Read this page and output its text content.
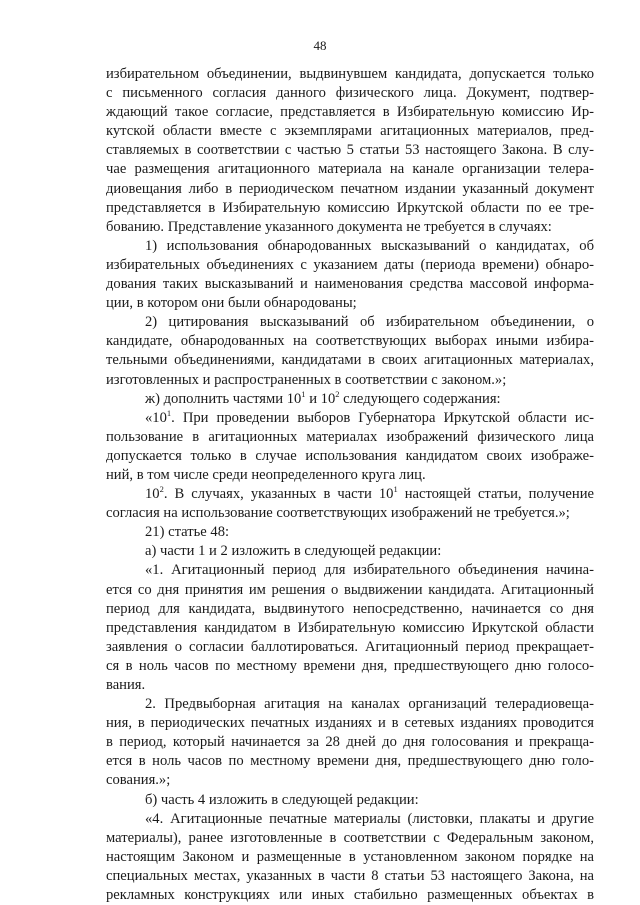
48
избирательном объединении, выдвинувшем кандидата, допускается только
с письменного согласия данного физического лица. Документ, подтвер-
ждающий такое согласие, представляется в Избирательную комиссию Ир-
кутской области вместе с экземплярами агитационных материалов, пред-
ставляемых в соответствии с частью 5 статьи 53 настоящего Закона. В слу-
чае размещения агитационного материала на канале организации телера-
диовещания либо в периодическом печатном издании указанный документ
представляется в Избирательную комиссию Иркутской области по ее тре-
бованию. Представление указанного документа не требуется в случаях:
1) использования обнародованных высказываний о кандидатах, об
избирательных объединениях с указанием даты (периода времени) обнаро-
дования таких высказываний и наименования средства массовой информа-
ции, в котором они были обнародованы;
2) цитирования высказываний об избирательном объединении, о
кандидате, обнародованных на соответствующих выборах иными избира-
тельными объединениями, кандидатами в своих агитационных материалах,
изготовленных и распространенных в соответствии с законом.»;
ж) дополнить частями $10^1$ и $10^2$ следующего содержания:
«$10^1$. При проведении выборов Губернатора Иркутской области ис-
пользование в агитационных материалах изображений физического лица
допускается только в случае использования кандидатом своих изображе-
ний, в том числе среди неопределенного круга лиц.
$10^2$. В случаях, указанных в части $10^1$ настоящей статьи, получение
согласия на использование соответствующих изображений не требуется.»;
21) статье 48:
а) части 1 и 2 изложить в следующей редакции:
«1. Агитационный период для избирательного объединения начина-
ется со дня принятия им решения о выдвижении кандидата. Агитационный
период для кандидата, выдвинутого непосредственно, начинается со дня
представления кандидатом в Избирательную комиссию Иркутской области
заявления о согласии баллотироваться. Агитационный период прекращает-
ся в ноль часов по местному времени дня, предшествующего дню голосо-
вания.
2. Предвыборная агитация на каналах организаций телерадиовеща-
ния, в периодических печатных изданиях и в сетевых изданиях проводится
в период, который начинается за 28 дней до дня голосования и прекраща-
ется в ноль часов по местному времени дня, предшествующего дню голо-
сования.»;
б) часть 4 изложить в следующей редакции:
«4. Агитационные печатные материалы (листовки, плакаты и другие
материалы), ранее изготовленные в соответствии с Федеральным законом,
настоящим Законом и размещенные в установленном законом порядке на
специальных местах, указанных в части 8 статьи 53 настоящего Закона, на
рекламных конструкциях или иных стабильно размещенных объектах в
